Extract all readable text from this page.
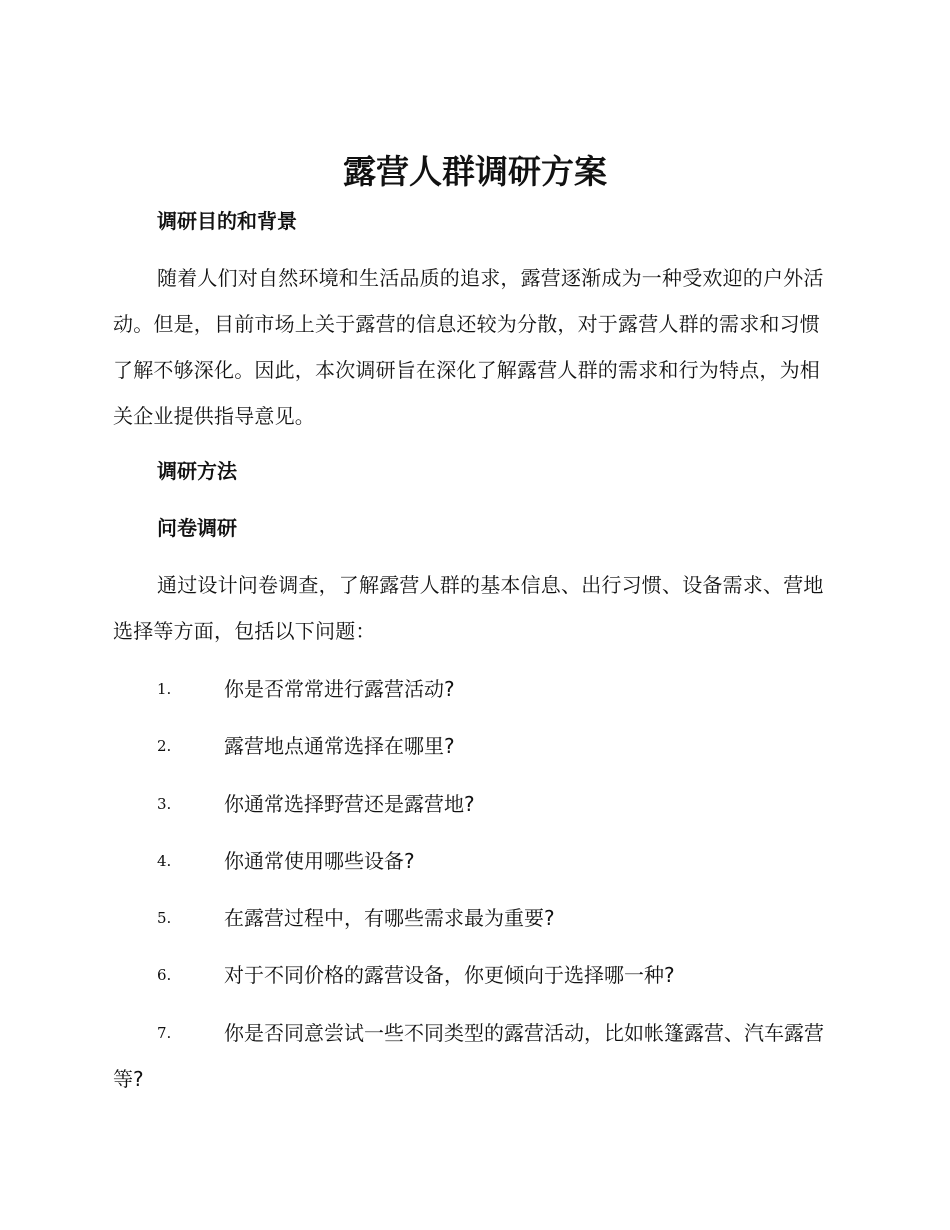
露营人群调研方案
调研目的和背景

随着人们对自然环境和生活品质的追求，露营逐渐成为一种受欢迎的户外活动。但是，目前市场上关于露营的信息还较为分散，对于露营人群的需求和习惯了解不够深化。因此，本次调研旨在深化了解露营人群的需求和行为特点，为相关企业提供指导意见。

调研方法
问卷调研

通过设计问卷调查，了解露营人群的基本信息、出行习惯、设备需求、营地选择等方面，包括以下问题：

1.	你是否常常进行露营活动?
2.	露营地点通常选择在哪里?
3.	你通常选择野营还是露营地?
4.	你通常使用哪些设备?
5.	在露营过程中，有哪些需求最为重要?
6.	对于不同价格的露营设备，你更倾向于选择哪一种?
7.	你是否同意尝试一些不同类型的露营活动，比如帐篷露营、汽车露营等?
